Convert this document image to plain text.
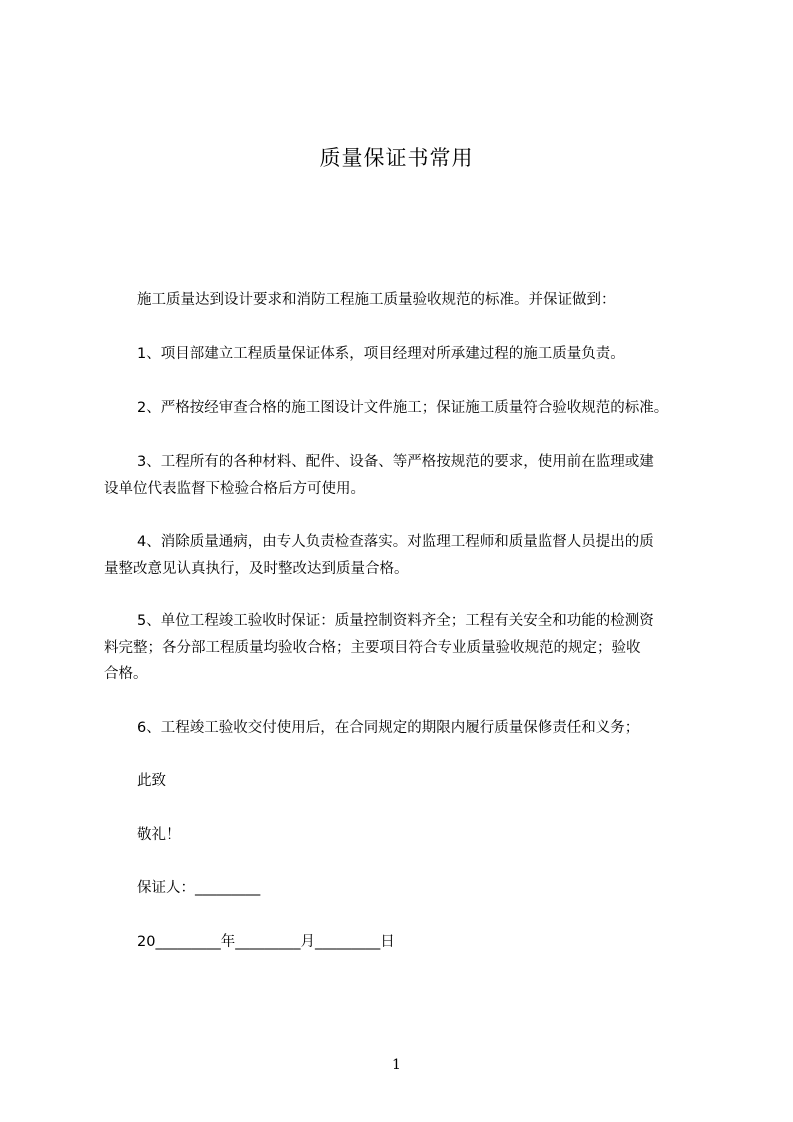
质量保证书常用
施工质量达到设计要求和消防工程施工质量验收规范的标准。并保证做到：
1、项目部建立工程质量保证体系，项目经理对所承建过程的施工质量负责。
2、严格按经审查合格的施工图设计文件施工；保证施工质量符合验收规范的标准。
3、工程所有的各种材料、配件、设备、等严格按规范的要求，使用前在监理或建
设单位代表监督下检验合格后方可使用。
4、消除质量通病，由专人负责检查落实。对监理工程师和质量监督人员提出的质
量整改意见认真执行，及时整改达到质量合格。
5、单位工程竣工验收时保证：质量控制资料齐全；工程有关安全和功能的检测资
料完整；各分部工程质量均验收合格；主要项目符合专业质量验收规范的规定；验收
合格。
6、工程竣工验收交付使用后，在合同规定的期限内履行质量保修责任和义务；
此致
敬礼！
保证人：_________
20_________年_________月_________日
1
